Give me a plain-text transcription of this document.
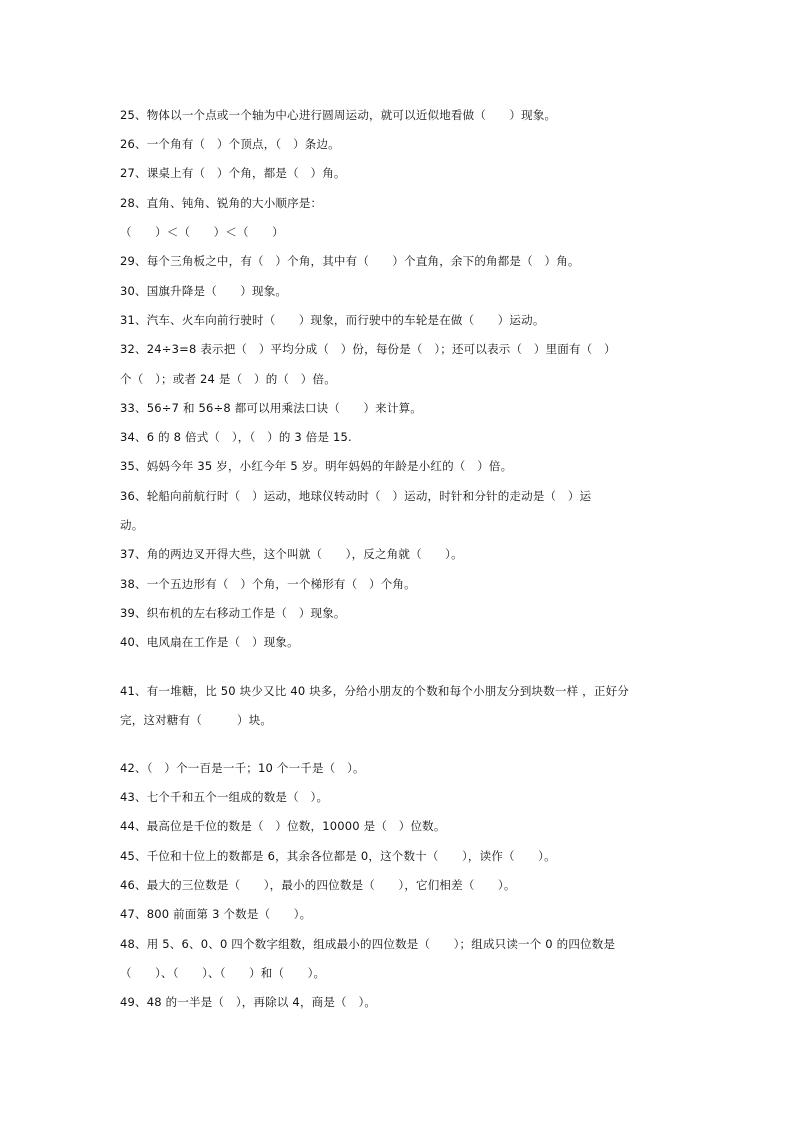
25、物体以一个点或一个轴为中心进行圆周运动，就可以近似地看做（　　）现象。
26、一个角有（　）个顶点，（　）条边。
27、课桌上有（　）个角，都是（　）角。
28、直角、钝角、锐角的大小顺序是：
（　　）＜（　　）＜（　　）
29、每个三角板之中，有（　）个角，其中有（　　）个直角，余下的角都是（　）角。
30、国旗升降是（　　）现象。
31、汽车、火车向前行驶时（　　）现象，而行驶中的车轮是在做（　　）运动。
32、24÷3=8 表示把（　）平均分成（　）份，每份是（　）；还可以表示（　）里面有（　）
个（　）；或者 24 是（　）的（　）倍。
33、56÷7 和 56÷8 都可以用乘法口诀（　　）来计算。
34、6 的 8 倍式（　），（　）的 3 倍是 15.
35、妈妈今年 35 岁，小红今年 5 岁。明年妈妈的年龄是小红的（　）倍。
36、轮船向前航行时（　）运动，地球仪转动时（　）运动，时针和分针的走动是（　）运
动。
37、角的两边叉开得大些，这个叫就（　　），反之角就（　　）。
38、一个五边形有（　）个角，一个梯形有（　）个角。
39、织布机的左右移动工作是（　）现象。
40、电风扇在工作是（　）现象。
41、有一堆糖，比 50 块少又比 40 块多，分给小朋友的个数和每个小朋友分到块数一样 ，正好分
完，这对糖有（　　　）块。
42、（　）个一百是一千；10 个一千是（　）。
43、七个千和五个一组成的数是（　）。
44、最高位是千位的数是（　）位数，10000 是（　）位数。
45、千位和十位上的数都是 6，其余各位都是 0，这个数十（　　），读作（　　）。
46、最大的三位数是（　　），最小的四位数是（　　），它们相差（　　）。
47、800 前面第 3 个数是（　　）。
48、用 5、6、0、0 四个数字组数，组成最小的四位数是（　　）；组成只读一个 0 的四位数是
（　　）、（　　）、（　　）和（　　）。
49、48 的一半是（　），再除以 4，商是（　）。
